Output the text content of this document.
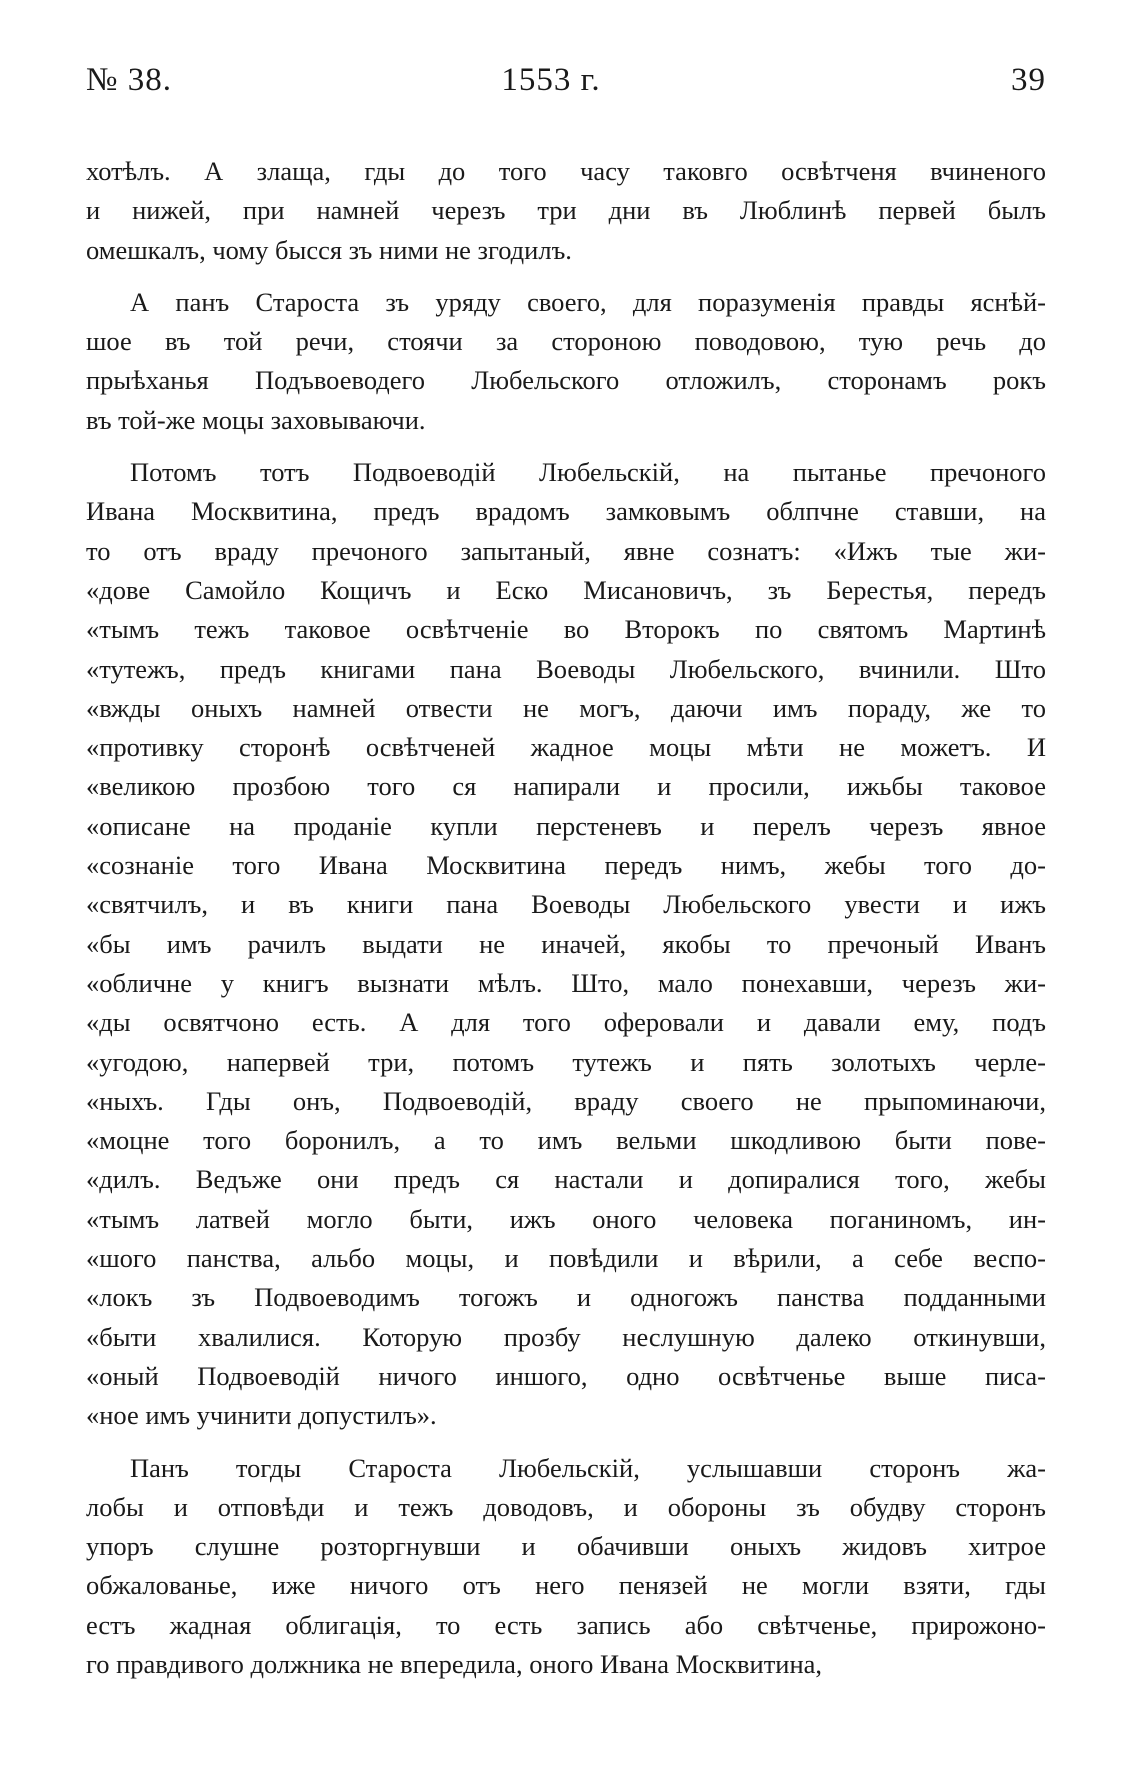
№ 38.	1553 г.	39
хотѣлъ. А злаща, гды до того часу таковго освѣтченя вчиненого
и нижей, при намней черезъ три дни въ Люблинѣ первей былъ
омешкалъ, чому бысся зъ ними не згодилъ.
А панъ Староста зъ уряду своего, для поразуменія правды яснѣй-
шое въ той речи, стоячи за стороною поводовою, тую речь до
прыѣханья Подъвоеводего Любельского отложилъ, сторонамъ рокъ
въ той-же моцы заховываючи.
Потомъ тотъ Подвоеводій Любельскій, на пытанье пречоного
Ивана Москвитина, предъ врадомъ замковымъ облпчне ставши, на
то отъ враду пречоного запытаный, явне сознатъ: «Ижъ тые жи-
«дове Самойло Кощичъ и Еско Мисановичъ, зъ Берестья, передъ
«тымъ тежъ таковое освѣтченіе во Второкъ по святомъ Мартинѣ
«тутежъ, предъ книгами пана Воеводы Любельского, вчинили. Што
«вжды оныхъ намней отвести не могъ, даючи имъ пораду, же то
«противку сторонѣ освѣтченей жадное моцы мѣти не можетъ. И
«великою прозбою того ся напирали и просили, ижьбы таковое
«описане на проданіе купли перстеневъ и перелъ черезъ явное
«сознаніе того Ивана Москвитина передъ нимъ, жебы того до-
«святчилъ, и въ книги пана Воеводы Любельского увести и ижъ
«бы имъ рачилъ выдати не иначей, якобы то пречоный Иванъ
«обличне у книгъ вызнати мѣлъ. Што, мало понехавши, черезъ жи-
«ды освятчоно есть. А для того оферовали и давали ему, подъ
«угодою, напервей три, потомъ тутежъ и пять золотыхъ черле-
«ныхъ. Гды онъ, Подвоеводій, враду своего не прыпоминаючи,
«моцне того боронилъ, а то имъ вельми шкодливою быти пове-
«дилъ. Ведъже они предъ ся настали и допиралися того, жебы
«тымъ латвей могло быти, ижъ оного человека поганиномъ, ин-
«шого панства, альбо моцы, и повѣдили и вѣрили, а себе веспо-
«локъ зъ Подвоеводимъ тогожъ и одногожъ панства подданными
«быти хвалилися. Которую прозбу неслушную далеко откинувши,
«оный Подвоеводій ничого иншого, одно освѣтченье выше писа-
«ное имъ учинити допустилъ».
Панъ тогды Староста Любельскій, услышавши сторонъ жа-
лобы и отповѣди и тежъ доводовъ, и обороны зъ обудву сторонъ
упоръ слушне розторгнувши и обачивши оныхъ жидовъ хитрое
обжалованье, иже ничого отъ него пенязей не могли взяти, гды
естъ жадная облигація, то есть запись або свѣтченье, прирожоно-
го правдивого должника не впередила, оного Ивана Москвитина,
